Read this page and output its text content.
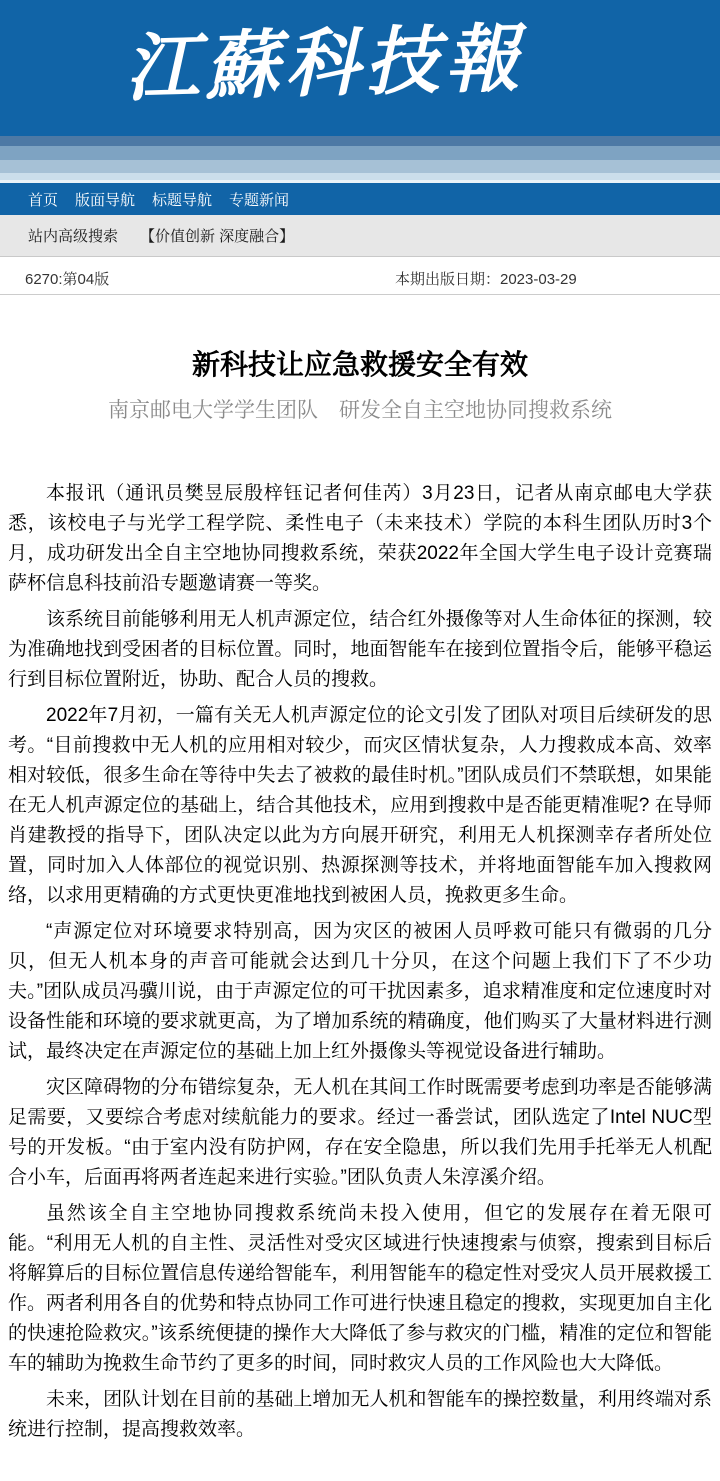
江蘇科技報
首页 版面导航 标题导航 专题新闻
站内高级搜索 【价值创新 深度融合】
6270:第04版	本期出版日期：2023-03-29
新科技让应急救援安全有效
南京邮电大学学生团队　研发全自主空地协同搜救系统

本报讯（通讯员樊昱辰殷梓钰记者何佳芮）3月23日，记者从南京邮电大学获悉，该校电子与光学工程学院、柔性电子（未来技术）学院的本科生团队历时3个月，成功研发出全自主空地协同搜救系统，荣获2022年全国大学生电子设计竞赛瑞萨杯信息科技前沿专题邀请赛一等奖。

该系统目前能够利用无人机声源定位，结合红外摄像等对人生命体征的探测，较为准确地找到受困者的目标位置。同时，地面智能车在接到位置指令后，能够平稳运行到目标位置附近，协助、配合人员的搜救。

2022年7月初，一篇有关无人机声源定位的论文引发了团队对项目后续研发的思考。“目前搜救中无人机的应用相对较少，而灾区情状复杂，人力搜救成本高、效率相对较低，很多生命在等待中失去了被救的最佳时机。”团队成员们不禁联想，如果能在无人机声源定位的基础上，结合其他技术，应用到搜救中是否能更精准呢? 在导师肖建教授的指导下，团队决定以此为方向展开研究，利用无人机探测幸存者所处位置，同时加入人体部位的视觉识别、热源探测等技术，并将地面智能车加入搜救网络，以求用更精确的方式更快更准地找到被困人员，挽救更多生命。

“声源定位对环境要求特别高，因为灾区的被困人员呼救可能只有微弱的几分贝，但无人机本身的声音可能就会达到几十分贝，在这个问题上我们下了不少功夫。”团队成员冯骥川说，由于声源定位的可干扰因素多，追求精准度和定位速度时对设备性能和环境的要求就更高，为了增加系统的精确度，他们购买了大量材料进行测试，最终决定在声源定位的基础上加上红外摄像头等视觉设备进行辅助。

灾区障碍物的分布错综复杂，无人机在其间工作时既需要考虑到功率是否能够满足需要，又要综合考虑对续航能力的要求。经过一番尝试，团队选定了Intel NUC型号的开发板。“由于室内没有防护网，存在安全隐患，所以我们先用手托举无人机配合小车，后面再将两者连起来进行实验。”团队负责人朱淳溪介绍。

虽然该全自主空地协同搜救系统尚未投入使用，但它的发展存在着无限可能。“利用无人机的自主性、灵活性对受灾区域进行快速搜索与侦察，搜索到目标后将解算后的目标位置信息传递给智能车，利用智能车的稳定性对受灾人员开展救援工作。两者利用各自的优势和特点协同工作可进行快速且稳定的搜救，实现更加自主化的快速抢险救灾。”该系统便捷的操作大大降低了参与救灾的门槛，精准的定位和智能车的辅助为挽救生命节约了更多的时间，同时救灾人员的工作风险也大大降低。

未来，团队计划在目前的基础上增加无人机和智能车的操控数量，利用终端对系统进行控制，提高搜救效率。
